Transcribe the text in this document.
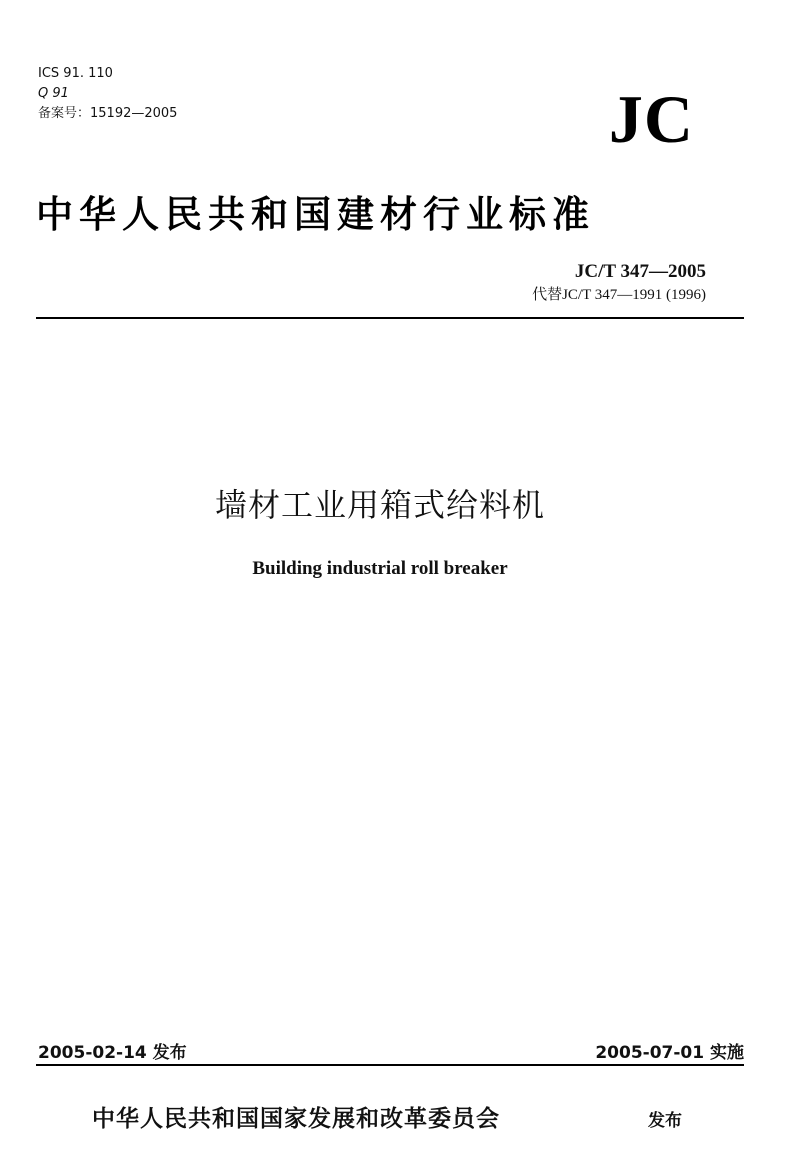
ICS 91. 110
Q 91
备案号：15192—2005	JC
中华人民共和国建材行业标准
JC/T 347—2005
代替JC/T 347—1991 (1996)
墙材工业用箱式给料机
Building industrial roll breaker
2005-02-14 发布	2005-07-01 实施
中华人民共和国国家发展和改革委员会	发布
